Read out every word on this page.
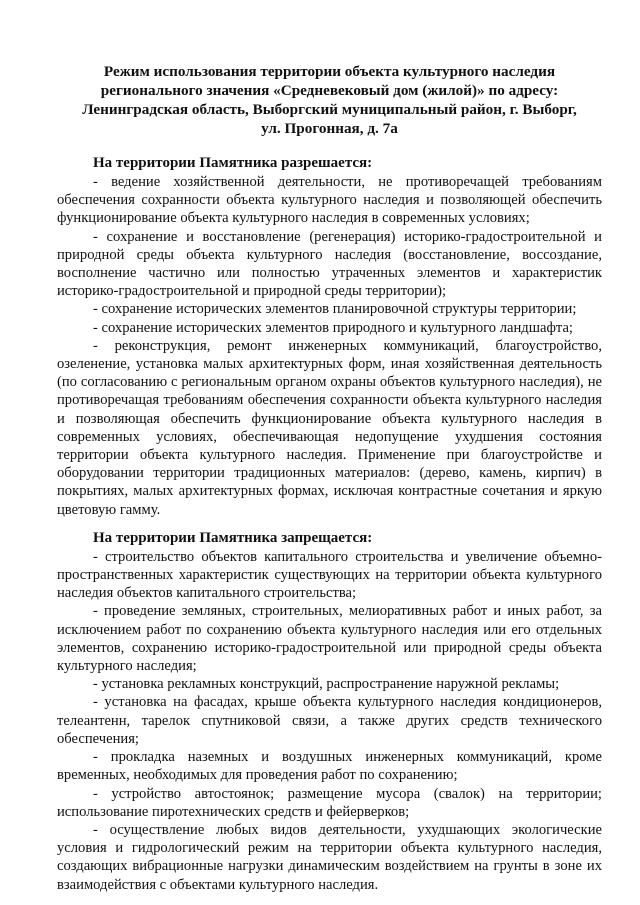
Режим использования территории объекта культурного наследия
регионального значения «Средневековый дом (жилой)» по адресу:
Ленинградская область, Выборгский муниципальный район, г. Выборг,
ул. Прогонная, д. 7а
На территории Памятника разрешается:

- ведение хозяйственной деятельности, не противоречащей требованиям обеспечения сохранности объекта культурного наследия и позволяющей обеспечить функционирование объекта культурного наследия в современных условиях;

- сохранение и восстановление (регенерация) историко-градостроительной и природной среды объекта культурного наследия (восстановление, воссоздание, восполнение частично или полностью утраченных элементов и характеристик историко-градостроительной и природной среды территории);

- сохранение исторических элементов планировочной структуры территории;

- сохранение исторических элементов природного и культурного ландшафта;

- реконструкция, ремонт инженерных коммуникаций, благоустройство, озеленение, установка малых архитектурных форм, иная хозяйственная деятельность (по согласованию с региональным органом охраны объектов культурного наследия), не противоречащая требованиям обеспечения сохранности объекта культурного наследия и позволяющая обеспечить функционирование объекта культурного наследия в современных условиях, обеспечивающая недопущение ухудшения состояния территории объекта культурного наследия. Применение при благоустройстве и оборудовании территории традиционных материалов: (дерево, камень, кирпич) в покрытиях, малых архитектурных формах, исключая контрастные сочетания и яркую цветовую гамму.

На территории Памятника запрещается:

- строительство объектов капитального строительства и увеличение объемно-пространственных характеристик существующих на территории объекта культурного наследия объектов капитального строительства;

- проведение земляных, строительных, мелиоративных работ и иных работ, за исключением работ по сохранению объекта культурного наследия или его отдельных элементов, сохранению историко-градостроительной или природной среды объекта культурного наследия;

- установка рекламных конструкций, распространение наружной рекламы;

- установка на фасадах, крыше объекта культурного наследия кондиционеров, телеантенн, тарелок спутниковой связи, а также других средств технического обеспечения;

- прокладка наземных и воздушных инженерных коммуникаций, кроме временных, необходимых для проведения работ по сохранению;

- устройство автостоянок; размещение мусора (свалок) на территории; использование пиротехнических средств и фейерверков;

- осуществление любых видов деятельности, ухудшающих экологические условия и гидрологический режим на территории объекта культурного наследия, создающих вибрационные нагрузки динамическим воздействием на грунты в зоне их взаимодействия с объектами культурного наследия.
